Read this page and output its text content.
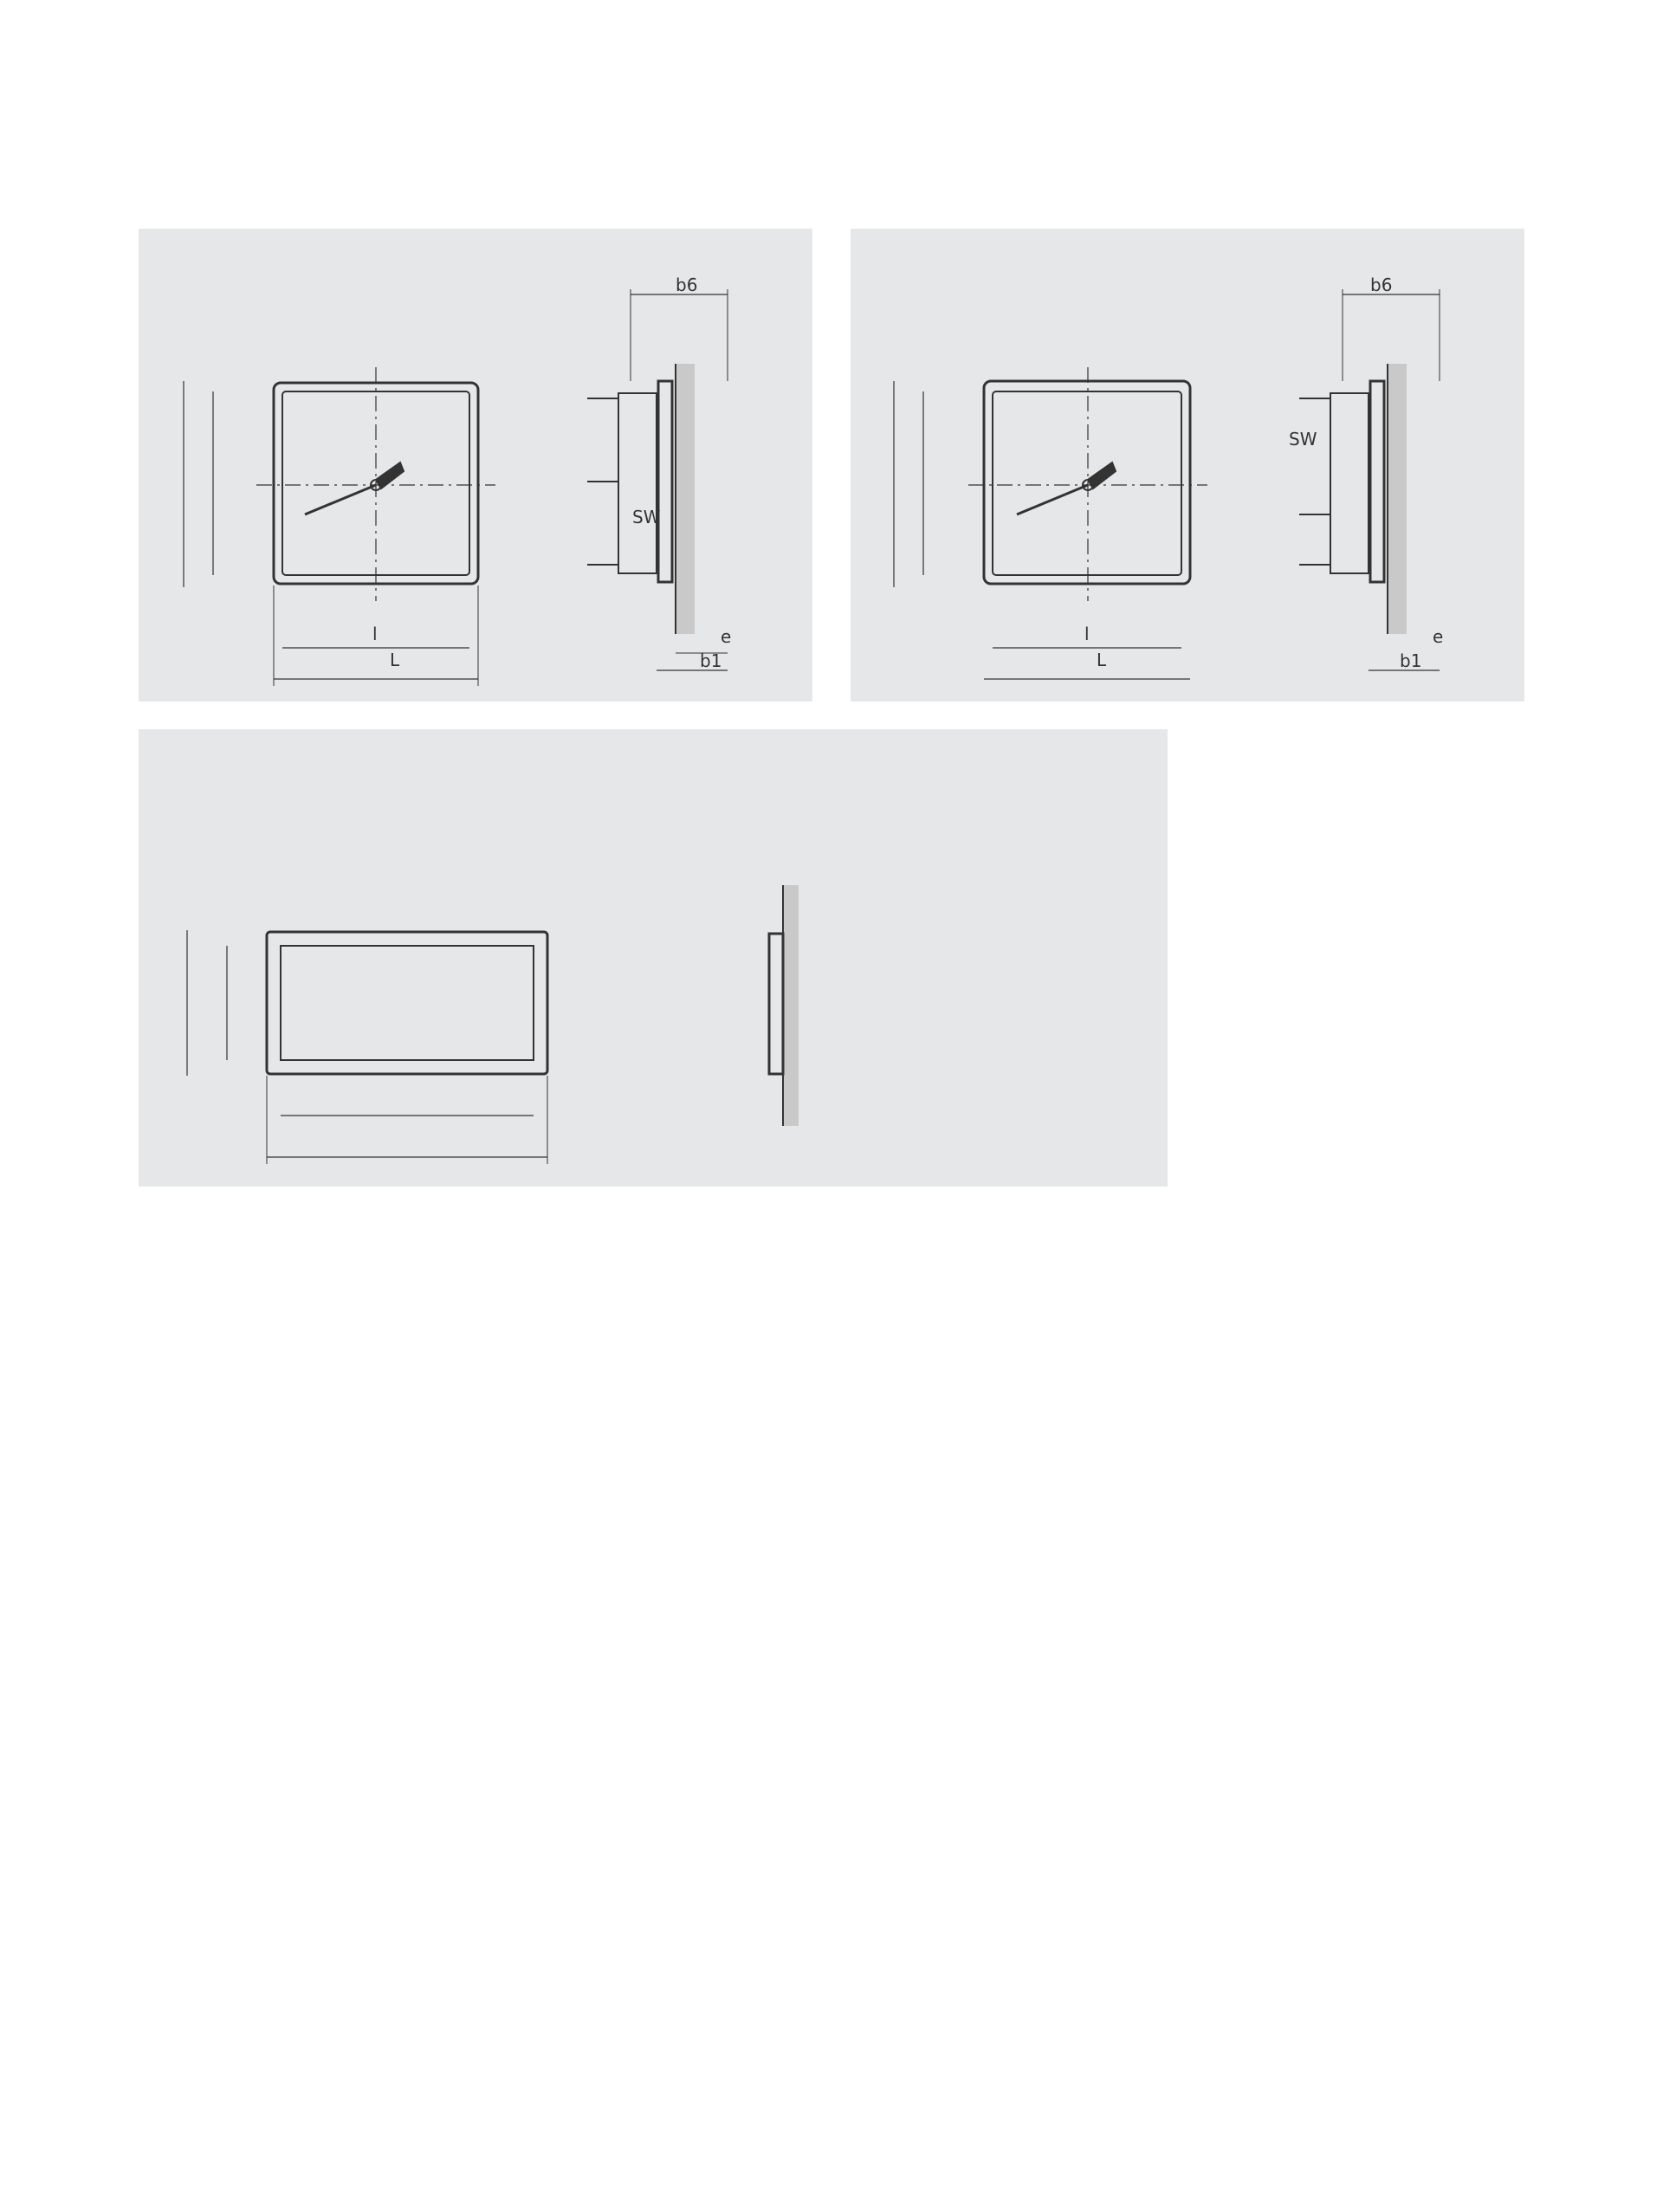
L
l
b6
b1
e
SW
L
l
b6
b1
e
SW
